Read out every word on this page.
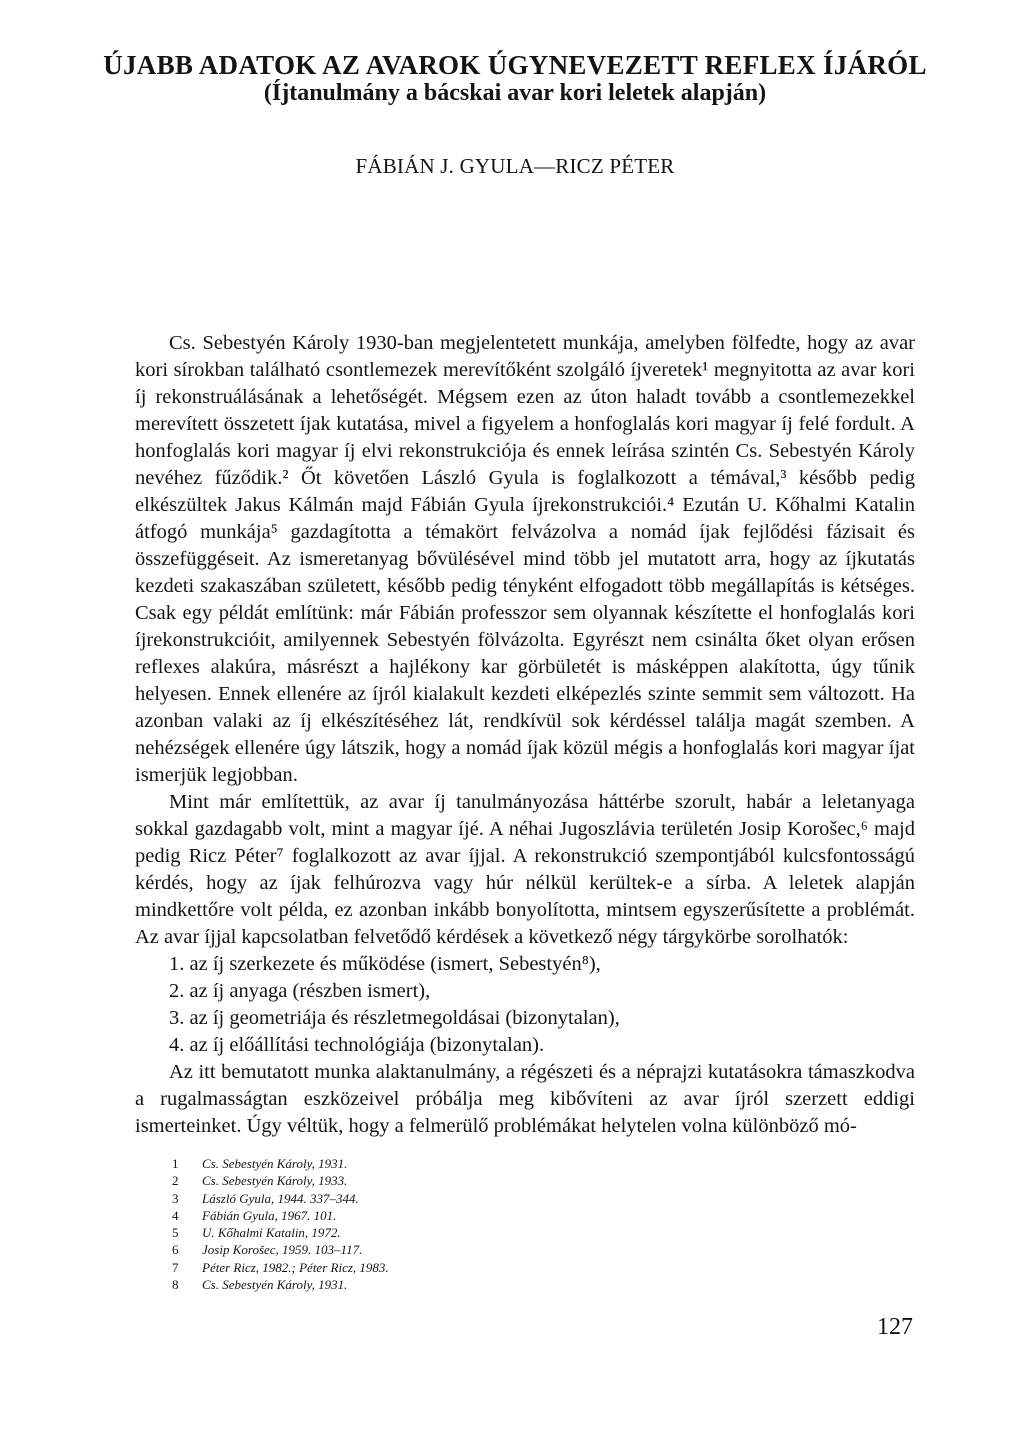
ÚJABB ADATOK AZ AVAROK ÚGYNEVEZETT REFLEX ÍJÁRÓL
(Íjtanulmány a bácskai avar kori leletek alapján)
FÁBIÁN J. GYULA—RICZ PÉTER

Cs. Sebestyén Károly 1930-ban megjelentetett munkája, amelyben fölfedte, hogy az avar kori sírokban található csontlemezek merevítőként szolgáló íjveretek¹ megnyitotta az avar kori íj rekonstruálásának a lehetőségét. Mégsem ezen az úton haladt tovább a csontlemezekkel merevített összetett íjak kutatása, mivel a figyelem a honfoglalás kori magyar íj felé fordult. A honfoglalás kori magyar íj elvi rekonstrukciója és ennek leírása szintén Cs. Sebestyén Károly nevéhez fűződik.² Őt követően László Gyula is foglalkozott a témával,³ később pedig elkészültek Jakus Kálmán majd Fábián Gyula íjrekonstrukciói.⁴ Ezután U. Kőhalmi Katalin átfogó munkája⁵ gazdagította a témakört felvázolva a nomád íjak fejlődési fázisait és összefüggéseit. Az ismeretanyag bővülésével mind több jel mutatott arra, hogy az íjkutatás kezdeti szakaszában született, később pedig tényként elfogadott több megállapítás is kétséges. Csak egy példát említünk: már Fábián professzor sem olyannak készítette el honfoglalás kori íjrekonstrukcióit, amilyennek Sebestyén fölvázolta. Egyrészt nem csinálta őket olyan erősen reflexes alakúra, másrészt a hajlékony kar görbületét is másképpen alakította, úgy tűnik helyesen. Ennek ellenére az íjról kialakult kezdeti elképezlés szinte semmit sem változott. Ha azonban valaki az íj elkészítéséhez lát, rendkívül sok kérdéssel találja magát szemben. A nehézségek ellenére úgy látszik, hogy a nomád íjak közül mégis a honfoglalás kori magyar íjat ismerjük legjobban.

Mint már említettük, az avar íj tanulmányozása háttérbe szorult, habár a leletanyaga sokkal gazdagabb volt, mint a magyar íjé. A néhai Jugoszlávia területén Josip Korošec,⁶ majd pedig Ricz Péter⁷ foglalkozott az avar íjjal. A rekonstrukció szempontjából kulcsfontosságú kérdés, hogy az íjak felhúrozva vagy húr nélkül kerültek-e a sírba. A leletek alapján mindkettőre volt példa, ez azonban inkább bonyolította, mintsem egyszerűsítette a problémát. Az avar íjjal kapcsolatban felvetődő kérdések a következő négy tárgykörbe sorolhatók:

1. az íj szerkezete és működése (ismert, Sebestyén⁸),
2. az íj anyaga (részben ismert),
3. az íj geometriája és részletmegoldásai (bizonytalan),
4. az íj előállítási technológiája (bizonytalan).

Az itt bemutatott munka alaktanulmány, a régészeti és a néprajzi kutatásokra támaszkodva a rugalmasságtan eszközeivel próbálja meg kibővíteni az avar íjról szerzett eddigi ismerteinket. Úgy véltük, hogy a felmerülő problémákat helytelen volna különböző mó-

1 Cs. Sebestyén Károly, 1931.
2 Cs. Sebestyén Károly, 1933.
3 László Gyula, 1944. 337–344.
4 Fábián Gyula, 1967. 101.
5 U. Kőhalmi Katalin, 1972.
6 Josip Korošec, 1959. 103–117.
7 Péter Ricz, 1982.; Péter Ricz, 1983.
8 Cs. Sebestyén Károly, 1931.
127
